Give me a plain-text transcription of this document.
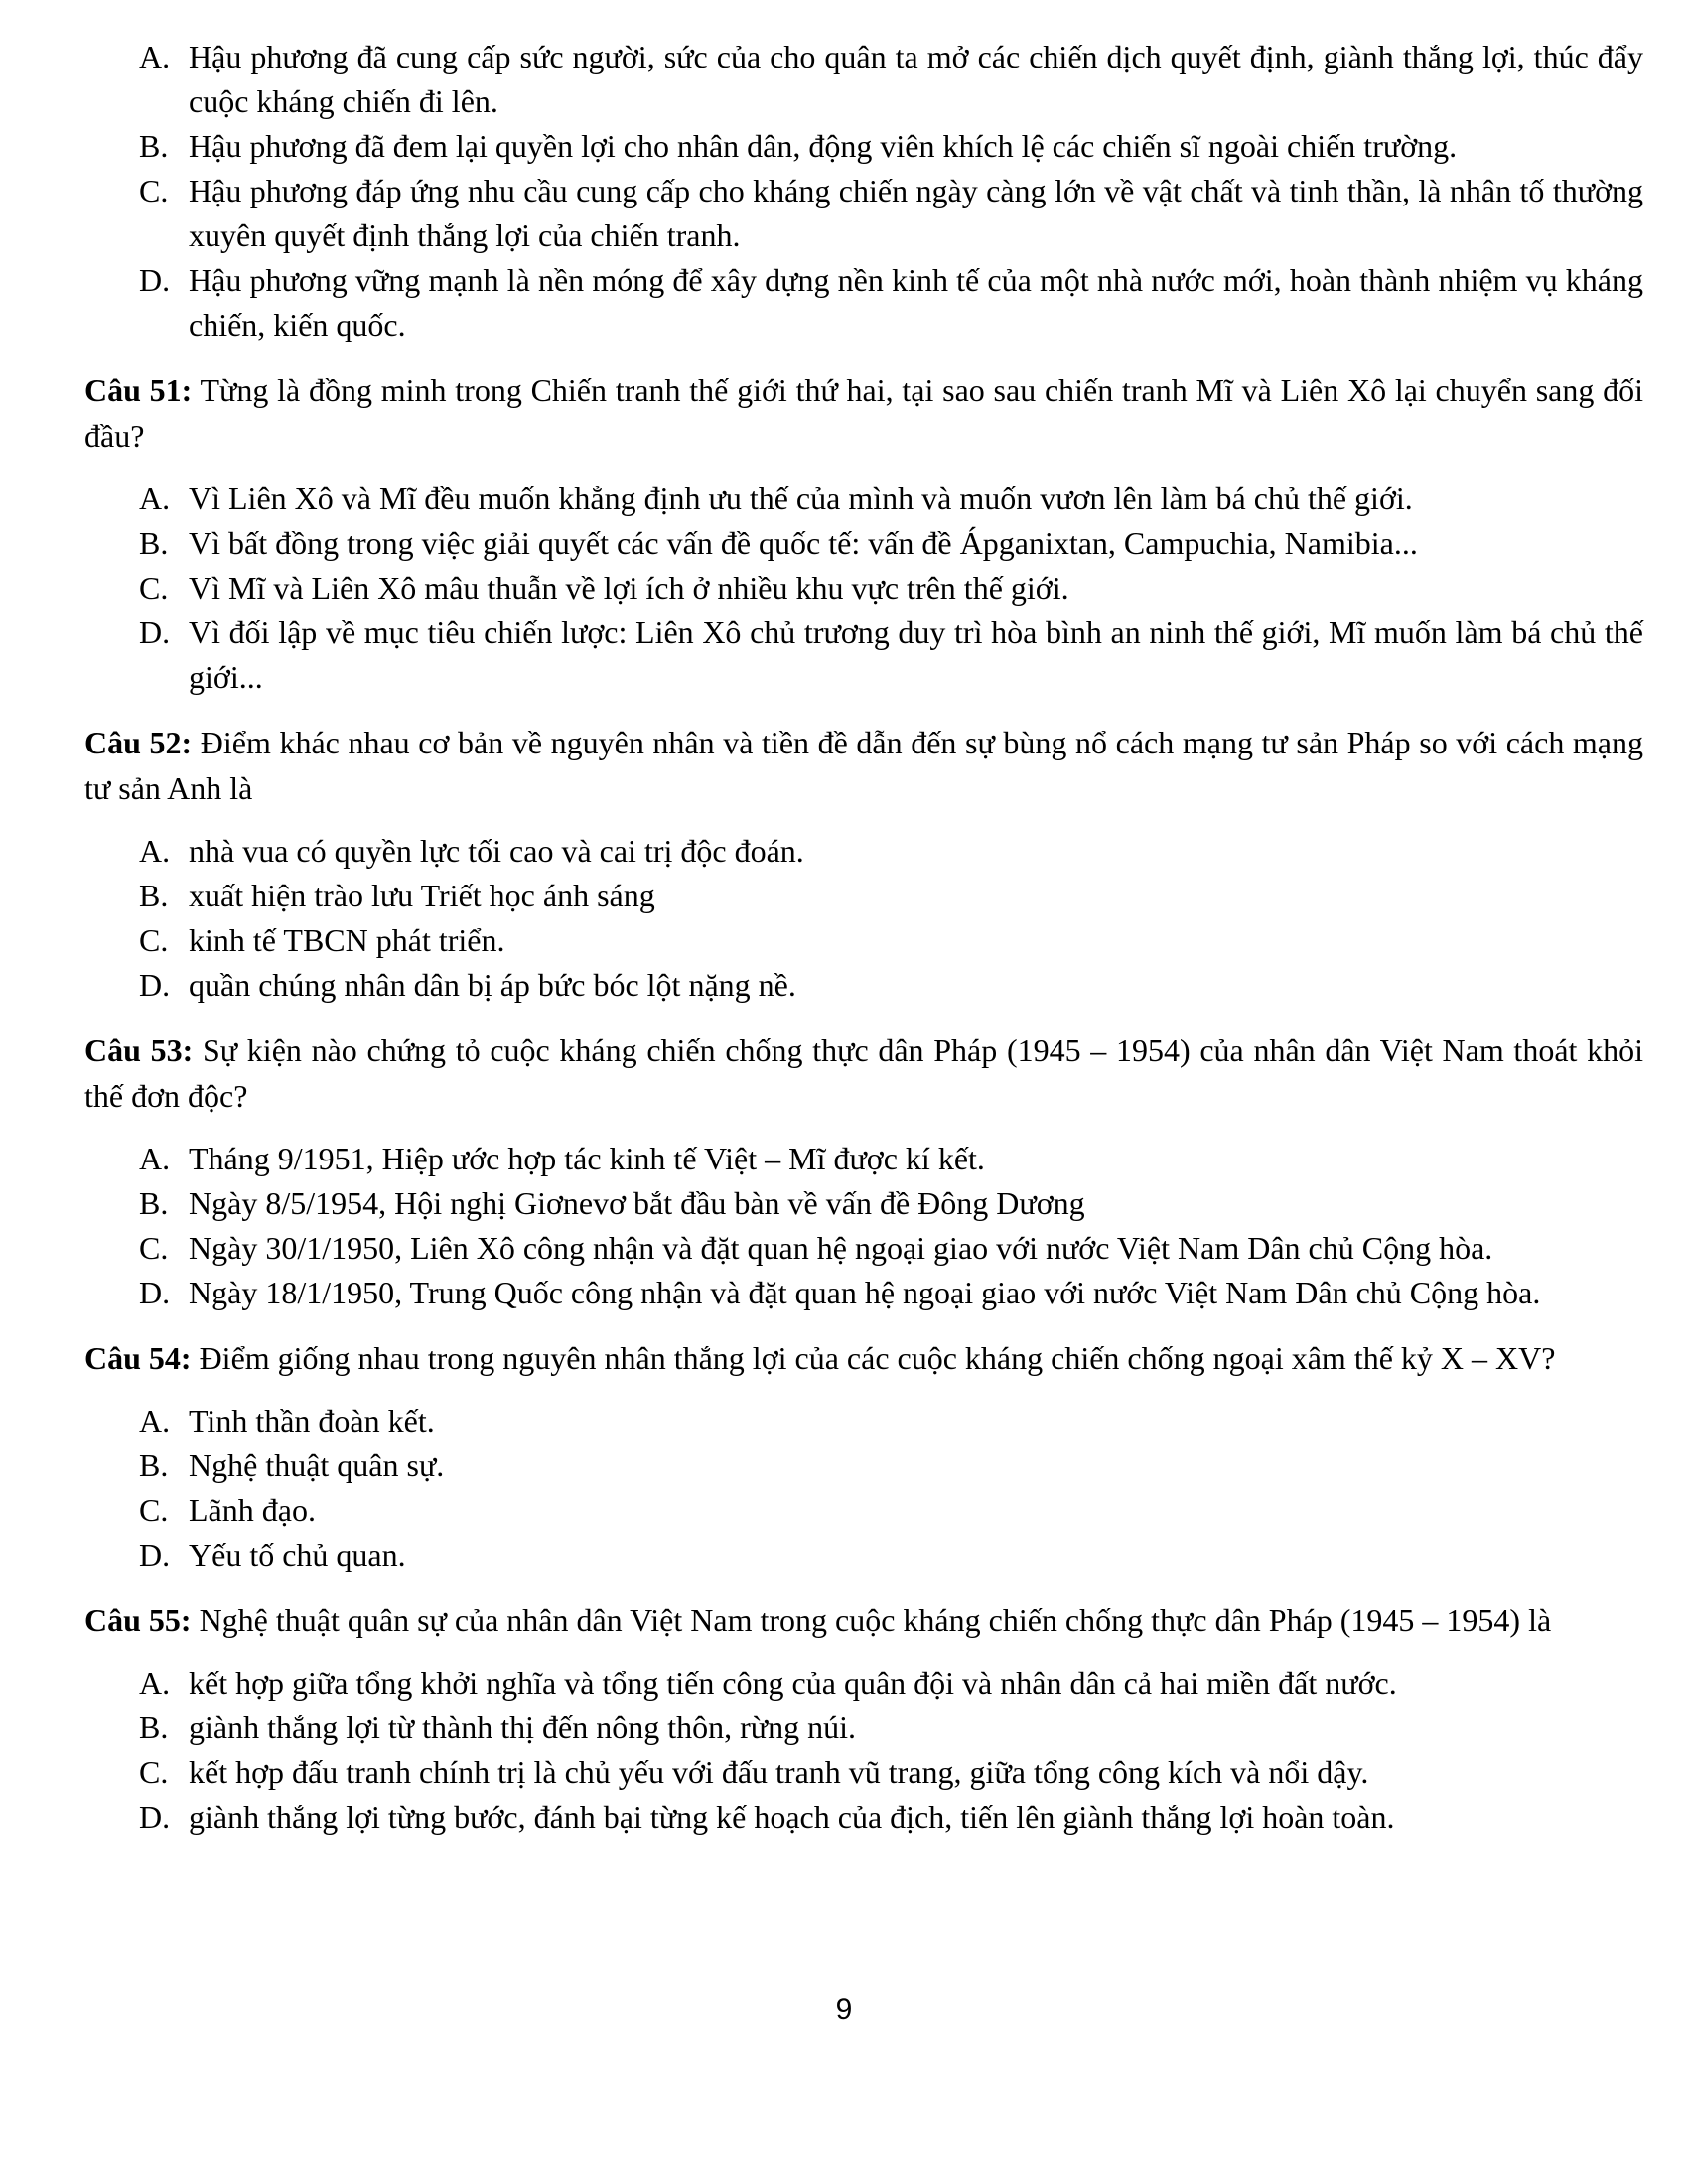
A. Hậu phương đã cung cấp sức người, sức của cho quân ta mở các chiến dịch quyết định, giành thắng lợi, thúc đẩy cuộc kháng chiến đi lên.
B. Hậu phương đã đem lại quyền lợi cho nhân dân, động viên khích lệ các chiến sĩ ngoài chiến trường.
C. Hậu phương đáp ứng nhu cầu cung cấp cho kháng chiến ngày càng lớn về vật chất và tinh thần, là nhân tố thường xuyên quyết định thắng lợi của chiến tranh.
D. Hậu phương vững mạnh là nền móng để xây dựng nền kinh tế của một nhà nước mới, hoàn thành nhiệm vụ kháng chiến, kiến quốc.
Câu 51: Từng là đồng minh trong Chiến tranh thế giới thứ hai, tại sao sau chiến tranh Mĩ và Liên Xô lại chuyển sang đối đầu?
A. Vì Liên Xô và Mĩ đều muốn khẳng định ưu thế của mình và muốn vươn lên làm bá chủ thế giới.
B. Vì bất đồng trong việc giải quyết các vấn đề quốc tế: vấn đề Ápganixtan, Campuchia, Namibia...
C. Vì Mĩ và Liên Xô mâu thuẫn về lợi ích ở nhiều khu vực trên thế giới.
D. Vì đối lập về mục tiêu chiến lược: Liên Xô chủ trương duy trì hòa bình an ninh thế giới, Mĩ muốn làm bá chủ thế giới...
Câu 52: Điểm khác nhau cơ bản về nguyên nhân và tiền đề dẫn đến sự bùng nổ cách mạng tư sản Pháp so với cách mạng tư sản Anh là
A. nhà vua có quyền lực tối cao và cai trị độc đoán.
B. xuất hiện trào lưu Triết học ánh sáng
C. kinh tế TBCN phát triển.
D. quần chúng nhân dân bị áp bức bóc lột nặng nề.
Câu 53: Sự kiện nào chứng tỏ cuộc kháng chiến chống thực dân Pháp (1945 – 1954) của nhân dân Việt Nam thoát khỏi thế đơn độc?
A. Tháng 9/1951, Hiệp ước hợp tác kinh tế Việt – Mĩ được kí kết.
B. Ngày 8/5/1954, Hội nghị Giơnevơ bắt đầu bàn về vấn đề Đông Dương
C. Ngày 30/1/1950, Liên Xô công nhận và đặt quan hệ ngoại giao với nước Việt Nam Dân chủ Cộng hòa.
D. Ngày 18/1/1950, Trung Quốc công nhận và đặt quan hệ ngoại giao với nước Việt Nam Dân chủ Cộng hòa.
Câu 54: Điểm giống nhau trong nguyên nhân thắng lợi của các cuộc kháng chiến chống ngoại xâm thế kỷ X – XV?
A. Tinh thần đoàn kết.
B. Nghệ thuật quân sự.
C. Lãnh đạo.
D. Yếu tố chủ quan.
Câu 55: Nghệ thuật quân sự của nhân dân Việt Nam trong cuộc kháng chiến chống thực dân Pháp (1945 – 1954) là
A. kết hợp giữa tổng khởi nghĩa và tổng tiến công của quân đội và nhân dân cả hai miền đất nước.
B. giành thắng lợi từ thành thị đến nông thôn, rừng núi.
C. kết hợp đấu tranh chính trị là chủ yếu với đấu tranh vũ trang, giữa tổng công kích và nổi dậy.
D. giành thắng lợi từng bước, đánh bại từng kế hoạch của địch, tiến lên giành thắng lợi hoàn toàn.
9
